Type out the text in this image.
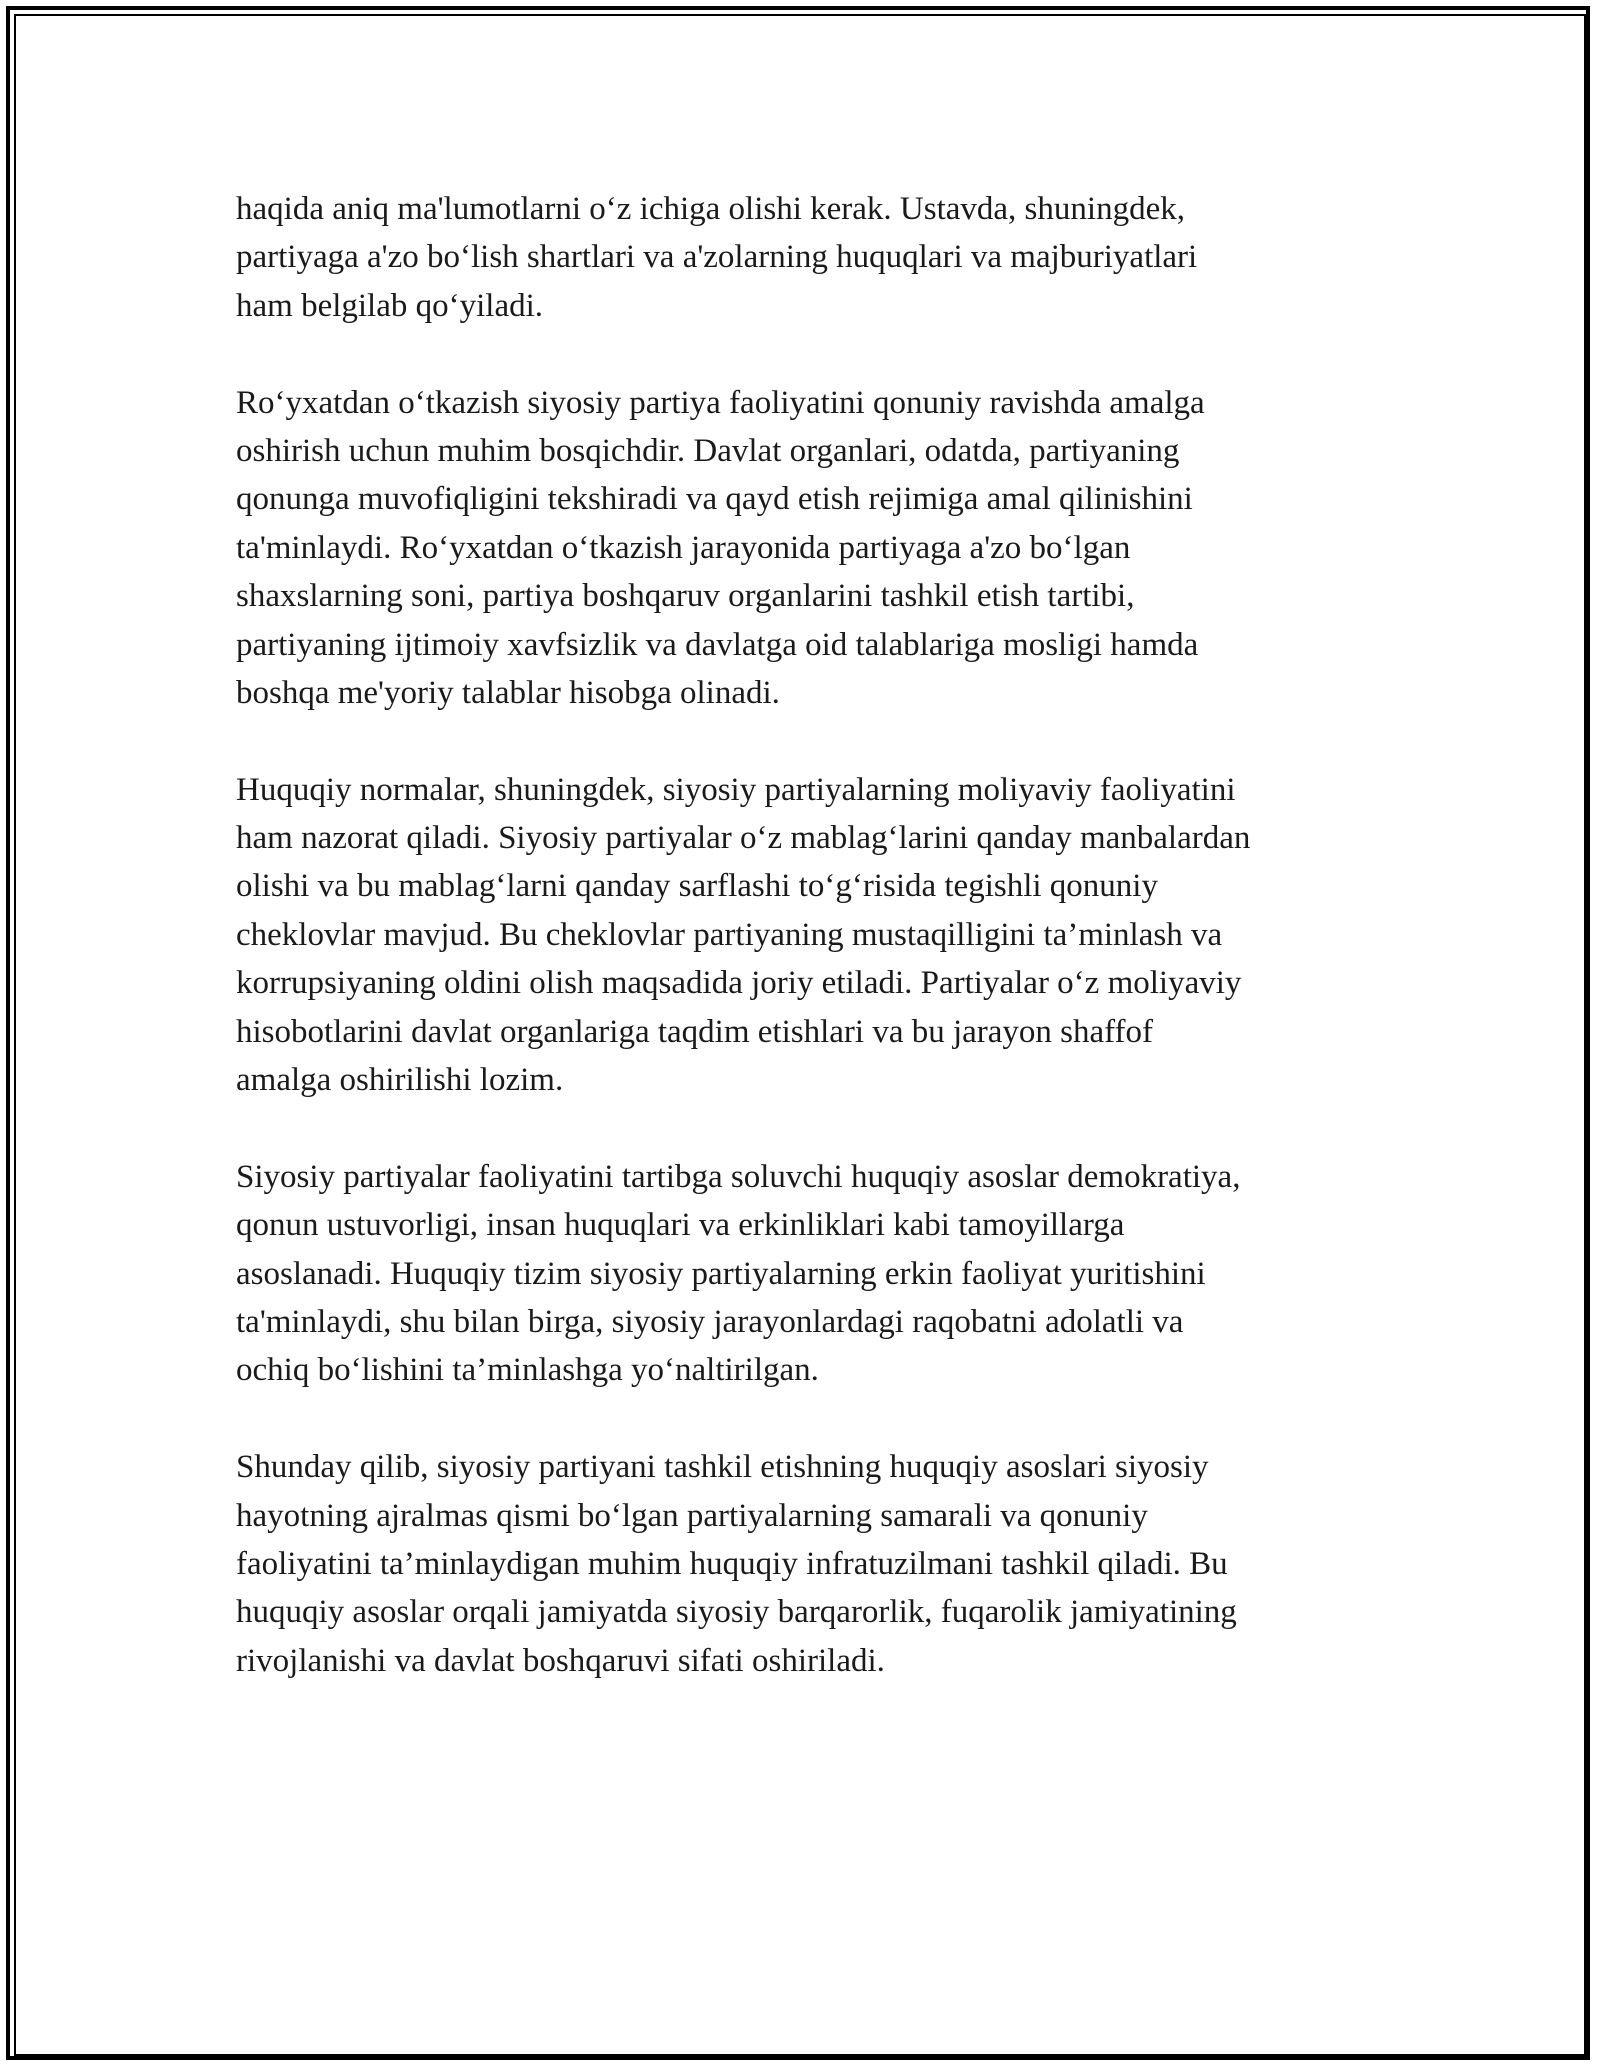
haqida aniq ma'lumotlarni o‘z ichiga olishi kerak. Ustavda, shuningdek,
partiyaga a'zo bo‘lish shartlari va a'zolarning huquqlari va majburiyatlari
ham belgilab qo‘yiladi.
Ro‘yxatdan o‘tkazish siyosiy partiya faoliyatini qonuniy ravishda amalga
oshirish uchun muhim bosqichdir. Davlat organlari, odatda, partiyaning
qonunga muvofiqligini tekshiradi va qayd etish rejimiga amal qilinishini
ta'minlaydi. Ro‘yxatdan o‘tkazish jarayonida partiyaga a'zo bo‘lgan
shaxslarning soni, partiya boshqaruv organlarini tashkil etish tartibi,
partiyaning ijtimoiy xavfsizlik va davlatga oid talablariga mosligi hamda
boshqa me'yoriy talablar hisobga olinadi.
Huquqiy normalar, shuningdek, siyosiy partiyalarning moliyaviy faoliyatini
ham nazorat qiladi. Siyosiy partiyalar o‘z mablag‘larini qanday manbalardan
olishi va bu mablag‘larni qanday sarflashi to‘g‘risida tegishli qonuniy
cheklovlar mavjud. Bu cheklovlar partiyaning mustaqilligini ta’minlash va
korrupsiyaning oldini olish maqsadida joriy etiladi. Partiyalar o‘z moliyaviy
hisobotlarini davlat organlariga taqdim etishlari va bu jarayon shaffof
amalga oshirilishi lozim.
Siyosiy partiyalar faoliyatini tartibga soluvchi huquqiy asoslar demokratiya,
qonun ustuvorligi, insan huquqlari va erkinliklari kabi tamoyillarga
asoslanadi. Huquqiy tizim siyosiy partiyalarning erkin faoliyat yuritishini
ta'minlaydi, shu bilan birga, siyosiy jarayonlardagi raqobatni adolatli va
ochiq bo‘lishini ta’minlashga yo‘naltirilgan.
Shunday qilib, siyosiy partiyani tashkil etishning huquqiy asoslari siyosiy
hayotning ajralmas qismi bo‘lgan partiyalarning samarali va qonuniy
faoliyatini ta’minlaydigan muhim huquqiy infratuzilmani tashkil qiladi. Bu
huquqiy asoslar orqali jamiyatda siyosiy barqarorlik, fuqarolik jamiyatining
rivojlanishi va davlat boshqaruvi sifati oshiriladi.
